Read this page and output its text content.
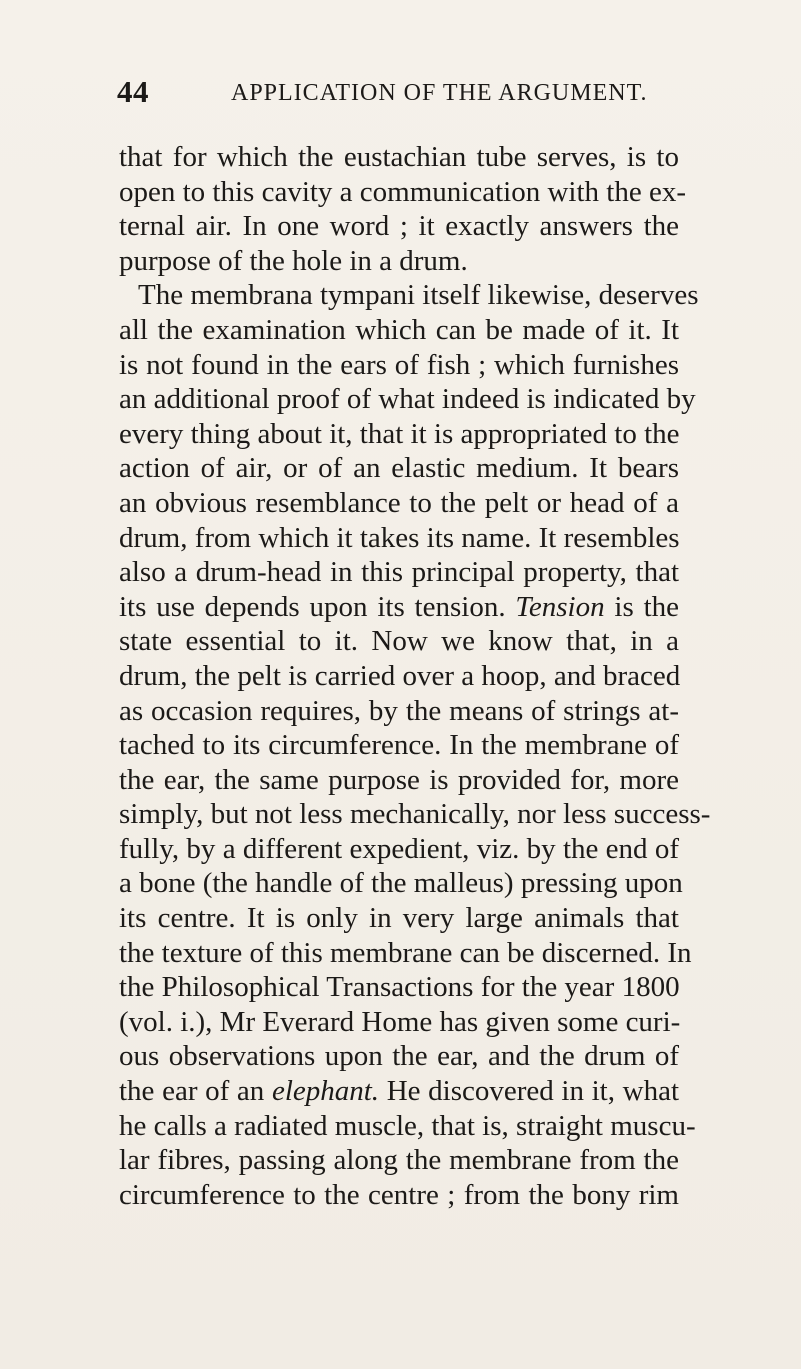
44	APPLICATION OF THE ARGUMENT.
that for which the eustachian tube serves, is to
open to this cavity a communication with the ex-
ternal air. In one word ; it exactly answers the
purpose of the hole in a drum.
The membrana tympani itself likewise, deserves
all the examination which can be made of it. It
is not found in the ears of fish ; which furnishes
an additional proof of what indeed is indicated by
every thing about it, that it is appropriated to the
action of air, or of an elastic medium. It bears
an obvious resemblance to the pelt or head of a
drum, from which it takes its name. It resembles
also a drum-head in this principal property, that
its use depends upon its tension. Tension is the
state essential to it. Now we know that, in a
drum, the pelt is carried over a hoop, and braced
as occasion requires, by the means of strings at-
tached to its circumference. In the membrane of
the ear, the same purpose is provided for, more
simply, but not less mechanically, nor less success-
fully, by a different expedient, viz. by the end of
a bone (the handle of the malleus) pressing upon
its centre. It is only in very large animals that
the texture of this membrane can be discerned. In
the Philosophical Transactions for the year 1800
(vol. i.), Mr Everard Home has given some curi-
ous observations upon the ear, and the drum of
the ear of an elephant. He discovered in it, what
he calls a radiated muscle, that is, straight muscu-
lar fibres, passing along the membrane from the
circumference to the centre ; from the bony rim
